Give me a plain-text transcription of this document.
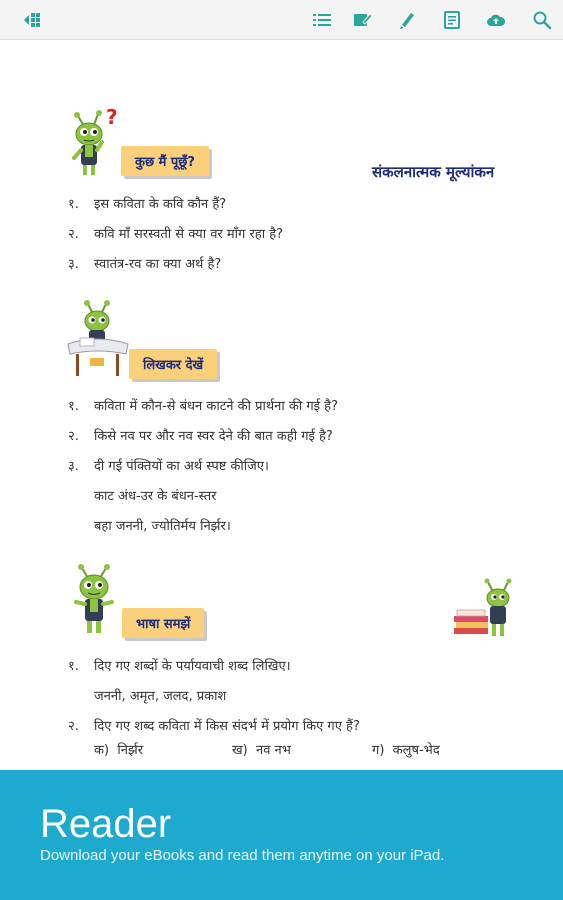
?
कुछ मैं पूछूँ?
संकलनात्मक मूल्यांकन
१. इस कविता के कवि कौन हैं?
२. कवि माँ सरस्वती से क्या वर माँग रहा है?
३. स्वातंत्र-रव का क्या अर्थ है?
लिखकर देखें
१. कविता में कौन-से बंधन काटने की प्रार्थना की गई है?
२. किसे नव पर और नव स्वर देने की बात कही गई है?
३. दी गई पंक्तियों का अर्थ स्पष्ट कीजिए।
काट अंध-उर के बंधन-स्तर
बहा जननी, ज्योतिर्मय निर्झर।
भाषा समझें
१. दिए गए शब्दों के पर्यायवाची शब्द लिखिए।
जननी, अमृत, जलद, प्रकाश
२. दिए गए शब्द कविता में किस संदर्भ में प्रयोग किए गए हैं?
क) निर्झर	ख) नव नभ	ग) कलुष-भेद
Reader
Download your eBooks and read them anytime on your iPad.
